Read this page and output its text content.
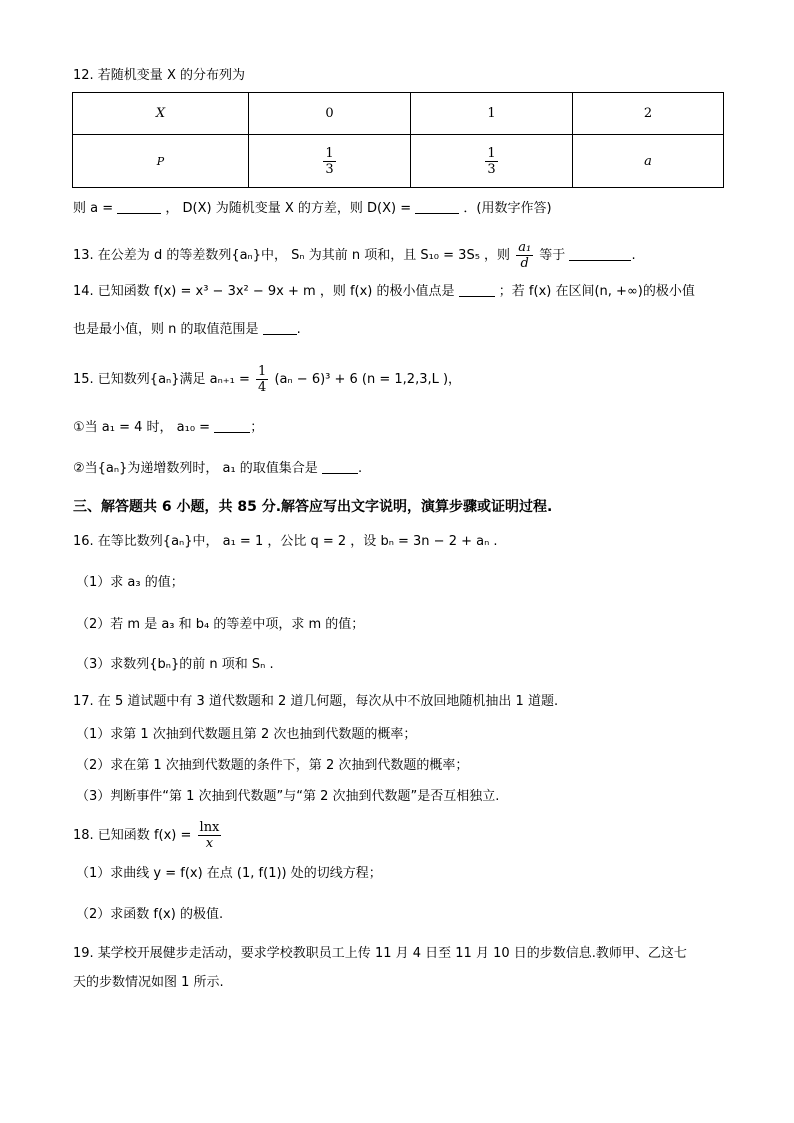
12. 若随机变量 X 的分布列为
X	0	1	2
P	$\frac{1}{3}$	$\frac{1}{3}$	a
则 a =	， D(X) 为随机变量 X 的方差，则 D(X) =	．(用数字作答)
13. 在公差为 d 的等差数列{aₙ}中， Sₙ 为其前 n 项和，且 S₁₀ = 3S₅ ，则 $\frac{\text{a₁}}{d}$ 等于	.
14. 已知函数 f(x) = x³ − 3x² − 9x + m ，则 f(x) 的极小值点是	；若 f(x) 在区间(n, +∞)的极小值
也是最小值，则 n 的取值范围是	.
15. 已知数列{aₙ}满足 $a_{n+1} = \frac{1}{4} (a_n - 6)^3 + 6$ (n = 1,2,3,L )，
①当 a₁ = 4 时， a₁₀ =	；
②当{aₙ}为递增数列时， a₁ 的取值集合是	.
三、解答题共 6 小题，共 85 分.解答应写出文字说明，演算步骤或证明过程.
16. 在等比数列{aₙ}中， a₁ = 1 ，公比 q = 2 ，设 bₙ = 3n − 2 + aₙ .
（1）求 a₃ 的值；
（2）若 m 是 a₃ 和 b₄ 的等差中项，求 m 的值；
（3）求数列{bₙ}的前 n 项和 Sₙ .
17. 在 5 道试题中有 3 道代数题和 2 道几何题，每次从中不放回地随机抽出 1 道题.
（1）求第 1 次抽到代数题且第 2 次也抽到代数题的概率；
（2）求在第 1 次抽到代数题的条件下，第 2 次抽到代数题的概率；
（3）判断事件“第 1 次抽到代数题”与“第 2 次抽到代数题”是否互相独立.
18. 已知函数 $f(x) = \frac{\ln x}{x}$
（1）求曲线 y = f(x) 在点 (1, f(1)) 处的切线方程；
（2）求函数 f(x) 的极值.
19. 某学校开展健步走活动，要求学校教职员工上传 11 月 4 日至 11 月 10 日的步数信息.教师甲、乙这七
天的步数情况如图 1 所示.
